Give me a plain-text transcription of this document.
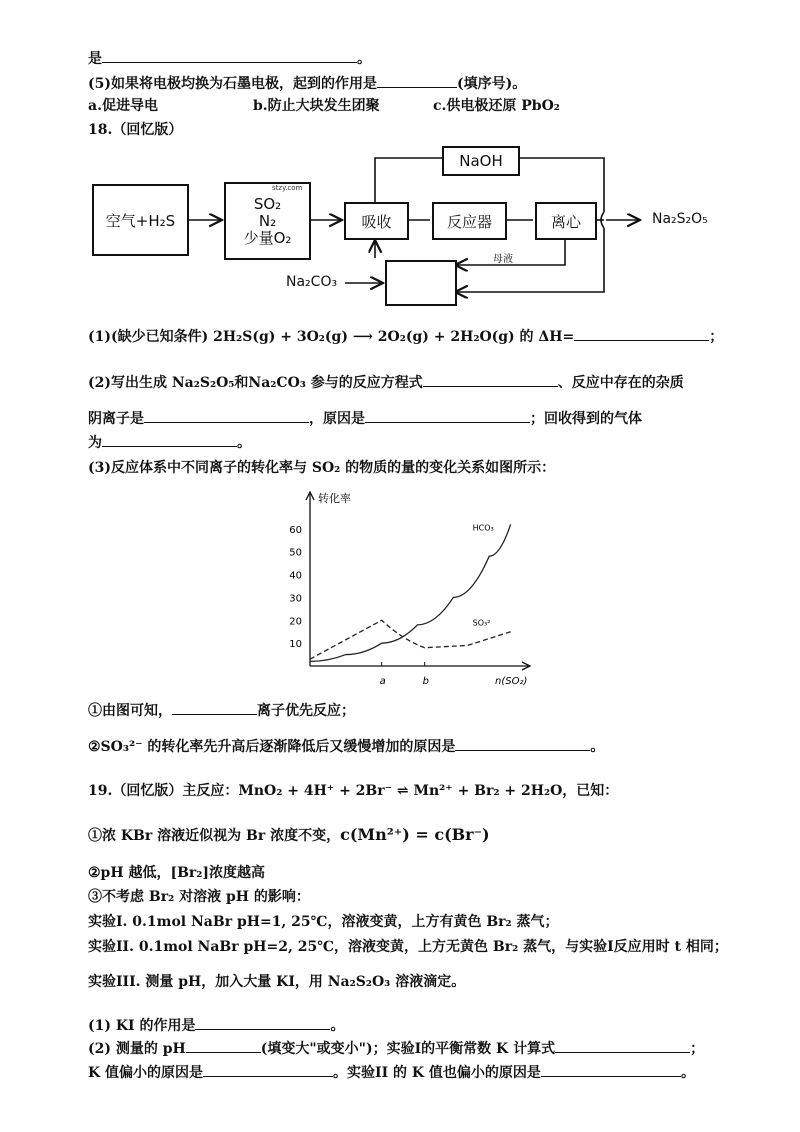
是	。
(5)如果将电极均换为石墨电极，起到的作用是	(填序号)。
a.促进导电	b.防止大块发生团聚	c.供电极还原 PbO₂
18.（回忆版）
空气+H₂S
SO₂
N₂
少量O₂
stzy.com
吸收	反应器	离心
NaOH
Na₂S₂O₅
Na₂CO₃
母液
(1)(缺少已知条件) 2H₂S(g) + 3O₂(g) ⟶ 2O₂(g) + 2H₂O(g) 的 ΔH=	；
(2)写出生成 Na₂S₂O₅和Na₂CO₃ 参与的反应方程式	、反应中存在的杂质
阴离子是	，原因是	；回收得到的气体
为	。
(3)反应体系中不同离子的转化率与 SO₂ 的物质的量的变化关系如图所示：
转化率
n(SO₂)
10
20
30
40
50
60
a	b
HCO₃
SO₃²
①由图可知，	离子优先反应；
②SO₃²⁻ 的转化率先升高后逐渐降低后又缓慢增加的原因是	。
19.（回忆版）主反应：MnO₂ + 4H⁺ + 2Br⁻ ⇌ Mn²⁺ + Br₂ + 2H₂O，已知：
①浓 KBr 溶液近似视为 Br 浓度不变，c(Mn²⁺) = c(Br⁻)
②pH 越低，[Br₂]浓度越高
③不考虑 Br₂ 对溶液 pH 的影响：
实验I. 0.1mol NaBr pH=1, 25℃，溶液变黄，上方有黄色 Br₂ 蒸气；
实验II. 0.1mol NaBr pH=2, 25℃，溶液变黄，上方无黄色 Br₂ 蒸气，与实验I反应用时 t 相同；
实验III. 测量 pH，加入大量 KI，用 Na₂S₂O₃ 溶液滴定。
(1) KI 的作用是	。
(2) 测量的 pH	(填变大"或变小")；实验I的平衡常数 K 计算式	；
K 值偏小的原因是	。实验II 的 K 值也偏小的原因是	。
